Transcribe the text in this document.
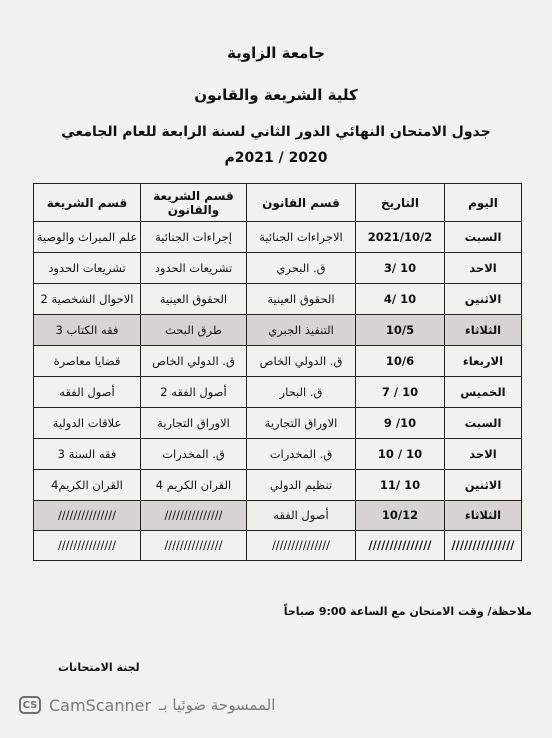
جامعة الزاوية
كلية الشريعة والقانون
جدول الامتحان النهائي الدور الثاني لسنة الرابعة للعام الجامعي
2020 / 2021م
اليوم	التاريخ	قسم القانون	قسم الشريعة والقانون	قسم الشريعة
السبت	2021/10/2	الاجراءات الجنائية	إجراءات الجنائية	علم الميراث والوصية
الاحد	10 /3	ق. البحري	تشريعات الحدود	تشريعات الحدود
الاثنين	10 /4	الحقوق العينية	الحقوق العينية	الاحوال الشخصية 2
الثلاثاء	10/5	التنفيذ الجبري	طرق البحث	فقه الكتاب 3
الاربعاء	10/6	ق. الدولي الخاص	ق. الدولي الخاص	قضايا معاصرة
الخميس	10 / 7	ق. البحار	أصول الفقه 2	أصول الفقه
السبت	10/ 9	الاوراق التجارية	الاوراق التجارية	علاقات الدولية
الاحد	10 / 10	ق. المخدرات	ق. المخدرات	فقه السنة 3
الاثنين	10 /11	تنظيم الدولي	القران الكريم 4	القران الكريم4
الثلاثاء	10/12	أصول الفقه	///////////////	///////////////
///////////////	///////////////	///////////////	///////////////	///////////////
ملاحظة/ وقت الامتحان مع الساعة 9:00 صباحاً
لجنة الامتحانات
CS CamScanner الممسوحة ضوئيا بـ
